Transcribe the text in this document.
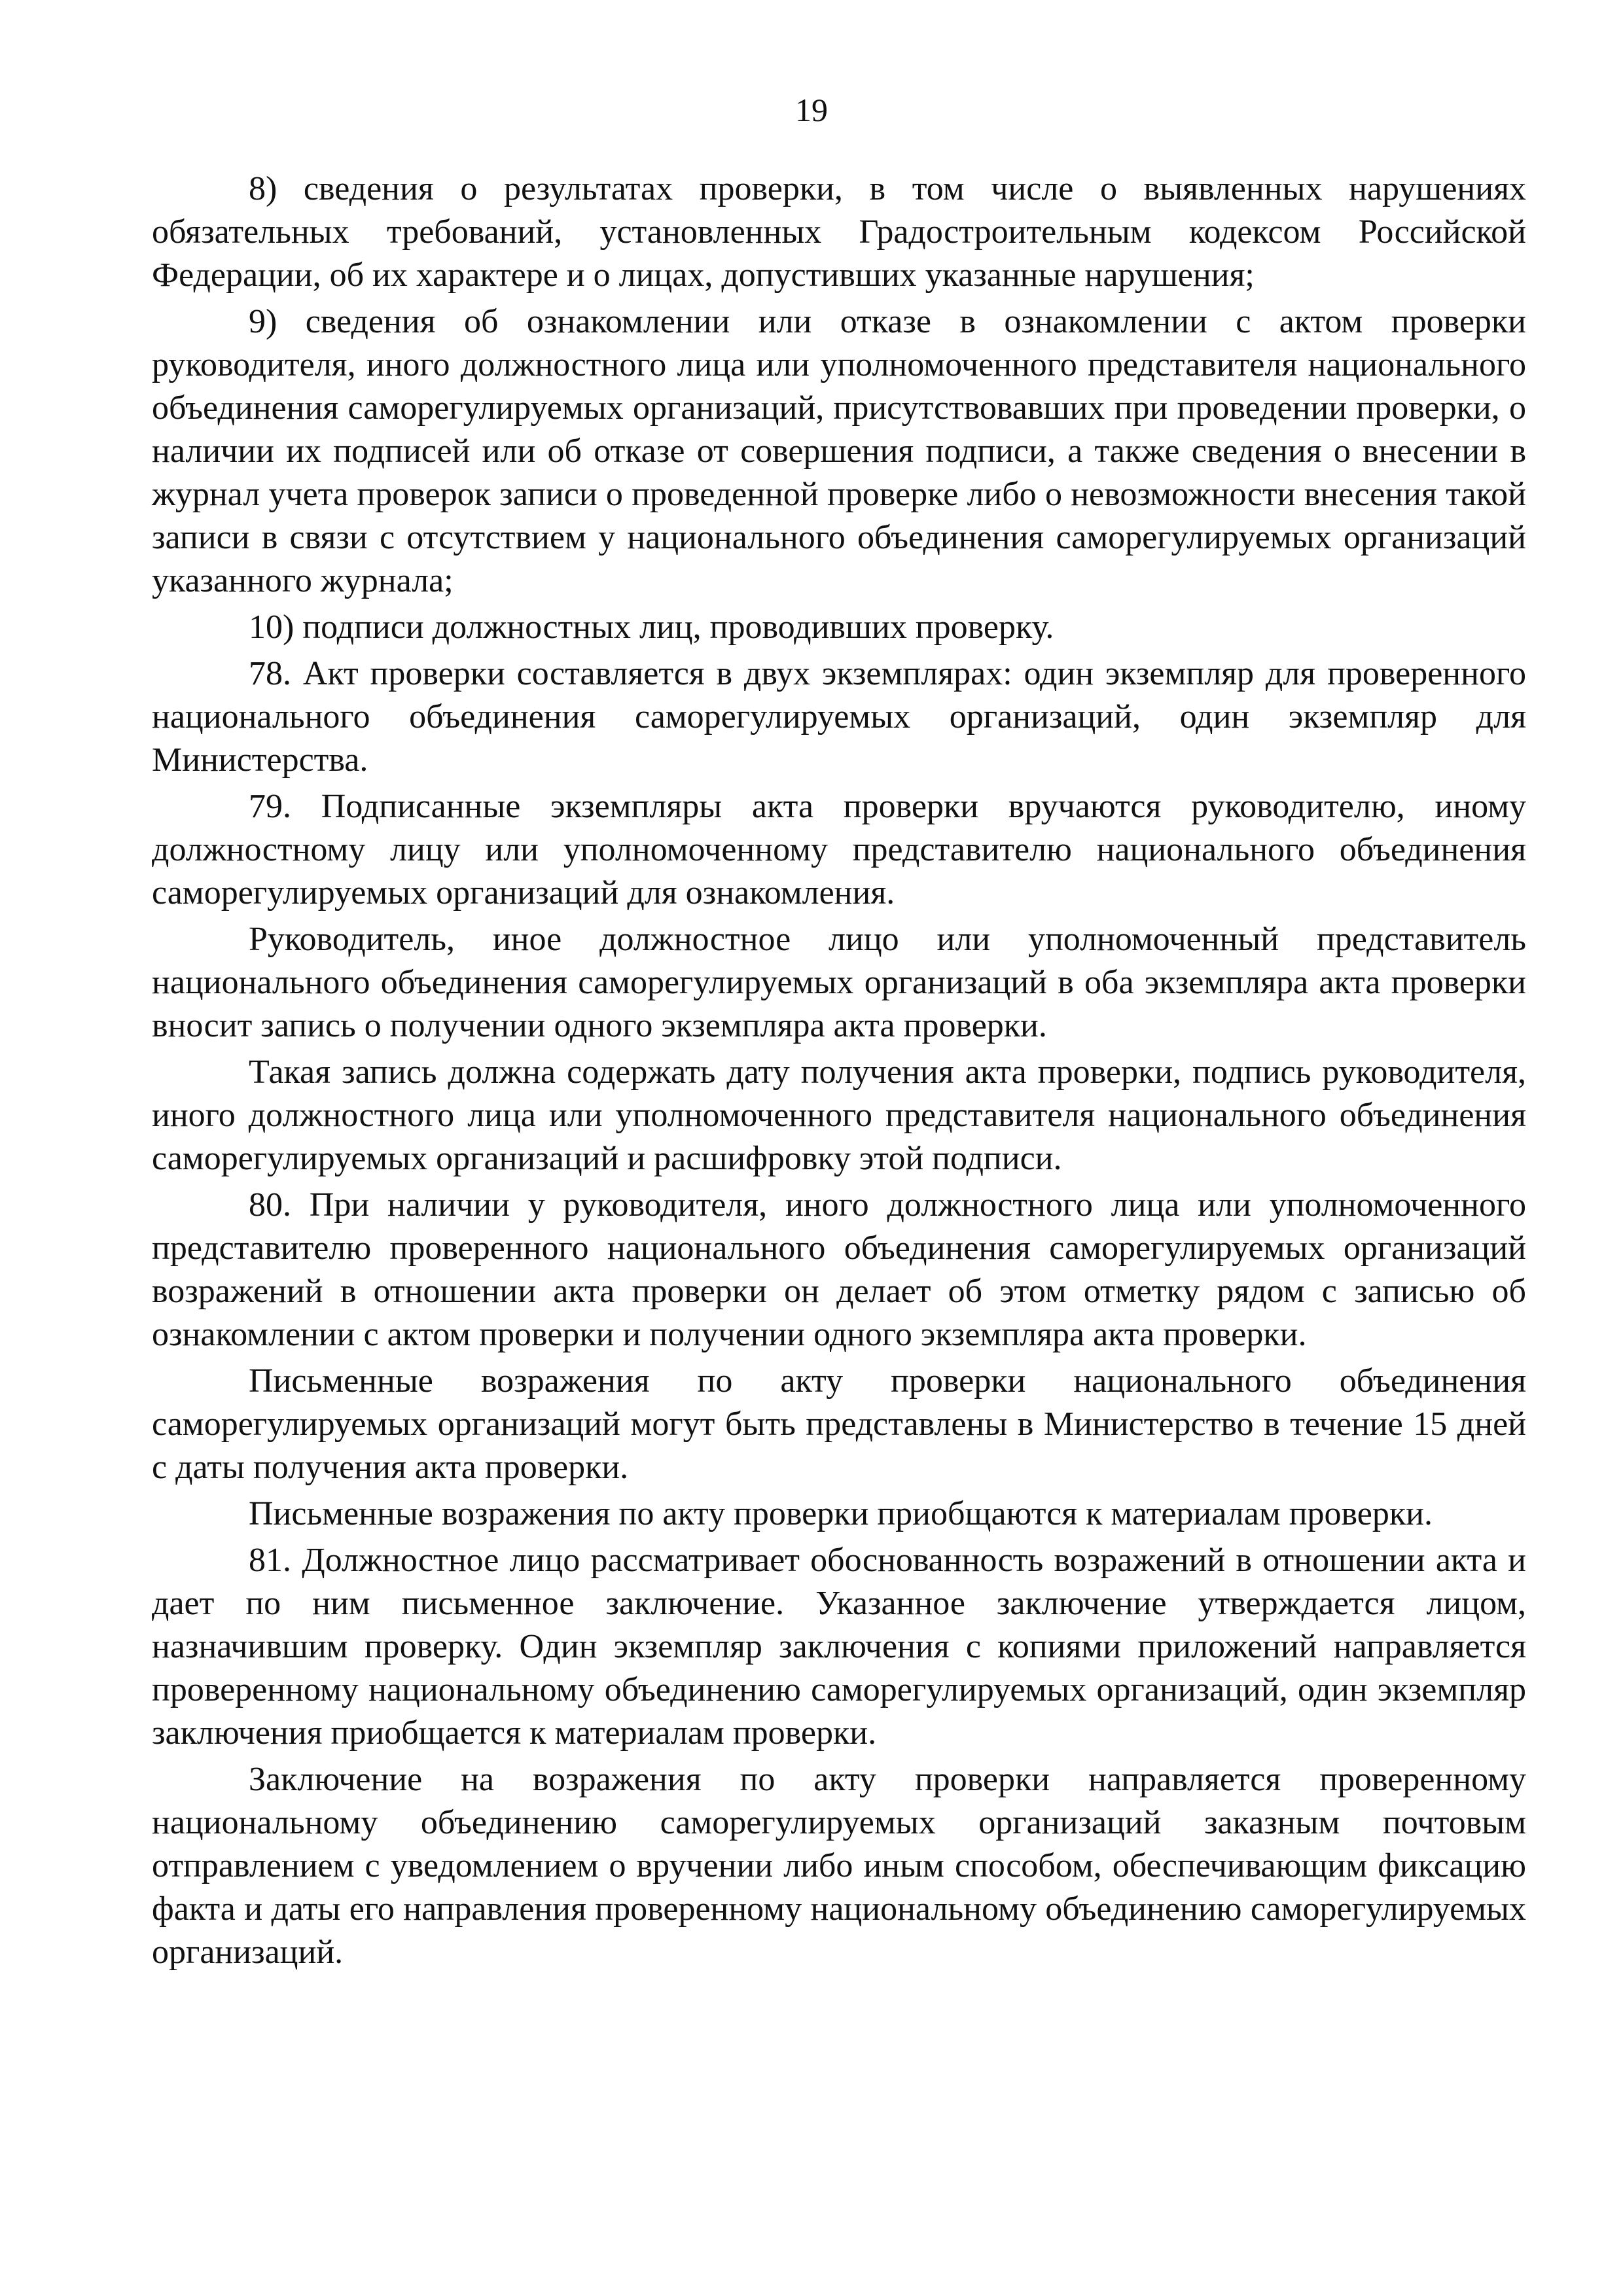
19

8) сведения о результатах проверки, в том числе о выявленных нарушениях обязательных требований, установленных Градостроительным кодексом Российской Федерации, об их характере и о лицах, допустивших указанные нарушения;

9) сведения об ознакомлении или отказе в ознакомлении с актом проверки руководителя, иного должностного лица или уполномоченного представителя национального объединения саморегулируемых организаций, присутствовавших при проведении проверки, о наличии их подписей или об отказе от совершения подписи, а также сведения о внесении в журнал учета проверок записи о проведенной проверке либо о невозможности внесения такой записи в связи с отсутствием у национального объединения саморегулируемых организаций указанного журнала;

10) подписи должностных лиц, проводивших проверку.

78. Акт проверки составляется в двух экземплярах: один экземпляр для проверенного национального объединения саморегулируемых организаций, один экземпляр для Министерства.

79. Подписанные экземпляры акта проверки вручаются руководителю, иному должностному лицу или уполномоченному представителю национального объединения саморегулируемых организаций для ознакомления.

Руководитель, иное должностное лицо или уполномоченный представитель национального объединения саморегулируемых организаций в оба экземпляра акта проверки вносит запись о получении одного экземпляра акта проверки.

Такая запись должна содержать дату получения акта проверки, подпись руководителя, иного должностного лица или уполномоченного представителя национального объединения саморегулируемых организаций и расшифровку этой подписи.

80. При наличии у руководителя, иного должностного лица или уполномоченного представителю проверенного национального объединения саморегулируемых организаций возражений в отношении акта проверки он делает об этом отметку рядом с записью об ознакомлении с актом проверки и получении одного экземпляра акта проверки.

Письменные возражения по акту проверки национального объединения саморегулируемых организаций могут быть представлены в Министерство в течение 15 дней с даты получения акта проверки.

Письменные возражения по акту проверки приобщаются к материалам проверки.

81. Должностное лицо рассматривает обоснованность возражений в отношении акта и дает по ним письменное заключение. Указанное заключение утверждается лицом, назначившим проверку. Один экземпляр заключения с копиями приложений направляется проверенному национальному объединению саморегулируемых организаций, один экземпляр заключения приобщается к материалам проверки.

Заключение на возражения по акту проверки направляется проверенному национальному объединению саморегулируемых организаций заказным почтовым отправлением с уведомлением о вручении либо иным способом, обеспечивающим фиксацию факта и даты его направления проверенному национальному объединению саморегулируемых организаций.
